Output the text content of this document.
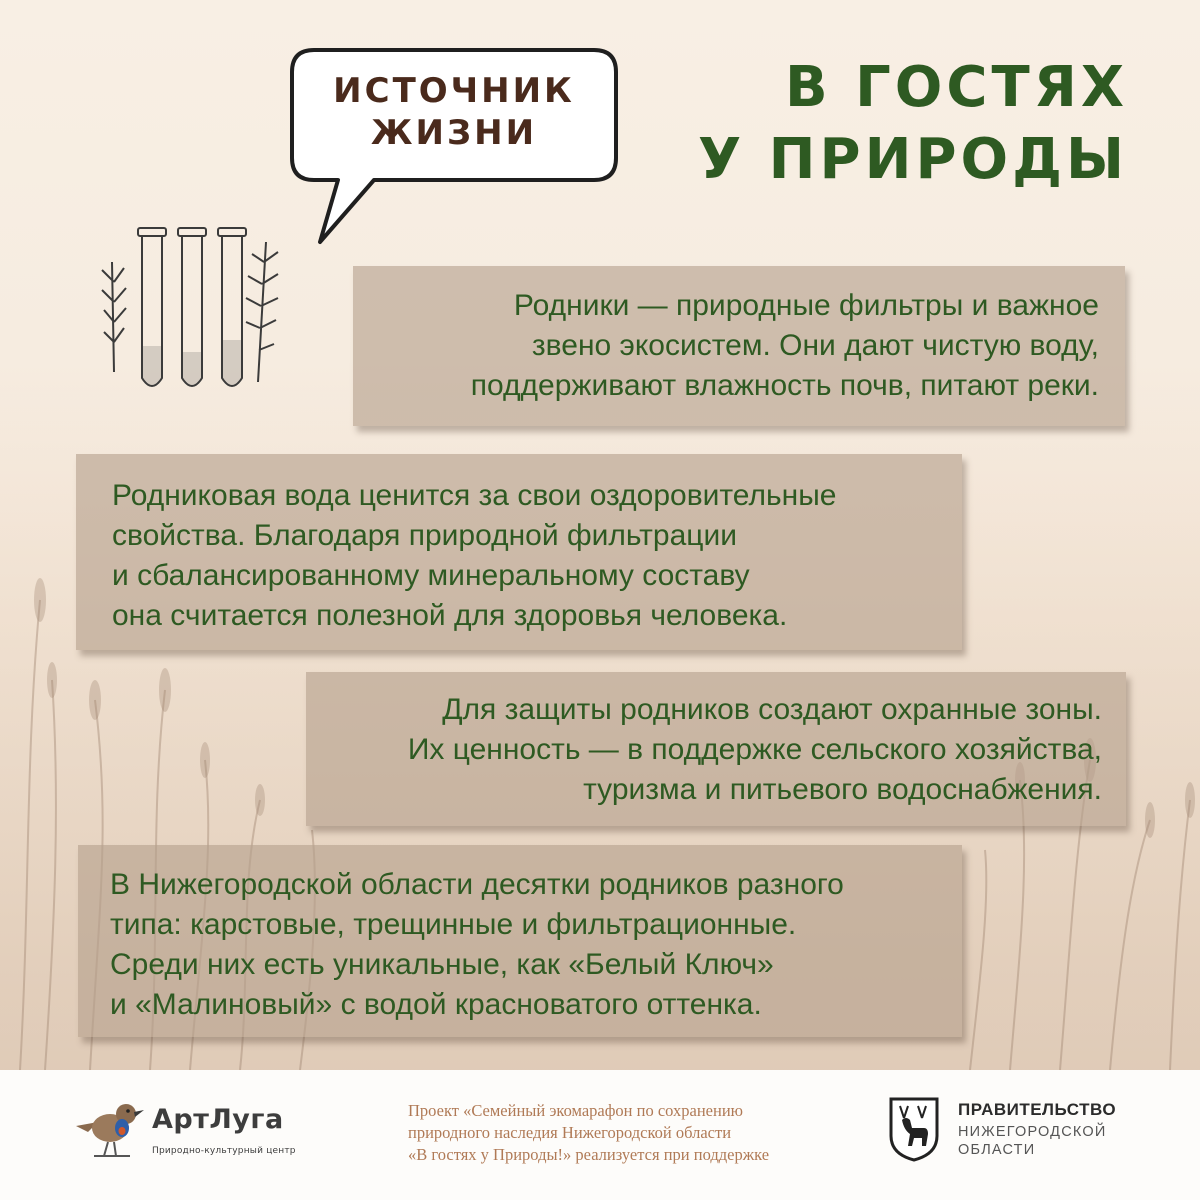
В ГОСТЯХ
У ПРИРОДЫ
ИСТОЧНИК
ЖИЗНИ

Родники — природные фильтры и важное

звено экосистем. Они дают чистую воду,

поддерживают влажность почв, питают реки.

Родниковая вода ценится за свои оздоровительные

свойства. Благодаря природной фильтрации

и сбалансированному минеральному составу

она считается полезной для здоровья человека.

Для защиты родников создают охранные зоны.

Их ценность — в поддержке сельского хозяйства,

туризма и питьевого водоснабжения.

В Нижегородской области десятки родников разного

типа: карстовые, трещинные и фильтрационные.

Среди них есть уникальные, как «Белый Ключ»

и «Малиновый» с водой красноватого оттенка.

АртЛуга
Природно-культурный центр

Проект «Семейный экомарафон по сохранению

природного наследия Нижегородской области

«В гостях у Природы!» реализуется при поддержке

ПРАВИТЕЛЬСТВО
НИЖЕГОРОДСКОЙ
ОБЛАСТИ
